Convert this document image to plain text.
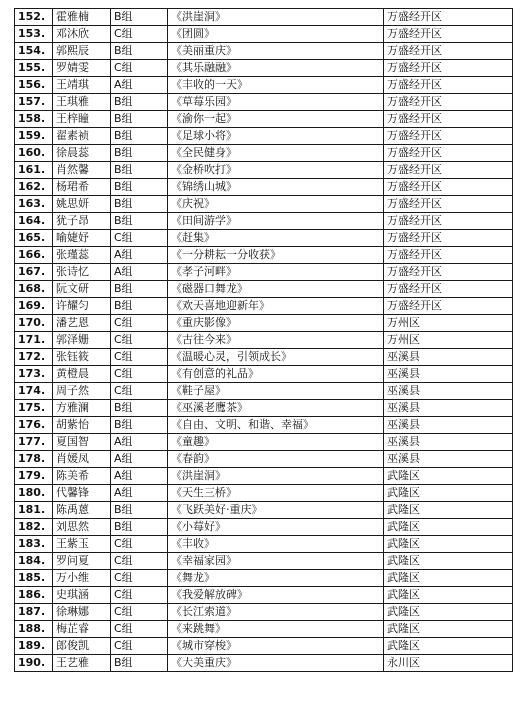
152.	霍雅楠	B组	《洪崖洞》	万盛经开区
153.	邓沐欣	C组	《团圆》	万盛经开区
154.	郭熙辰	B组	《美丽重庆》	万盛经开区
155.	罗婧雯	C组	《其乐融融》	万盛经开区
156.	王靖琪	A组	《丰收的一天》	万盛经开区
157.	王琪雅	B组	《草莓乐园》	万盛经开区
158.	王梓瞳	B组	《渝你一起》	万盛经开区
159.	翟素祯	B组	《足球小将》	万盛经开区
160.	徐晨蕊	B组	《全民健身》	万盛经开区
161.	肖然馨	B组	《金桥吹打》	万盛经开区
162.	杨珺希	B组	《锦绣山城》	万盛经开区
163.	姚思妍	B组	《庆祝》	万盛经开区
164.	犹子昂	B组	《田间游学》	万盛经开区
165.	喻婕妤	C组	《赶集》	万盛经开区
166.	张瑾蕊	A组	《一分耕耘一分收获》	万盛经开区
167.	张诗忆	A组	《孝子河畔》	万盛经开区
168.	阮文研	B组	《磁器口舞龙》	万盛经开区
169.	许耀匀	B组	《欢天喜地迎新年》	万盛经开区
170.	潘艺恩	C组	《重庆影像》	万州区
171.	郭泽姗	C组	《古往今来》	万州区
172.	张钰筱	C组	《温暖心灵，引领成长》	巫溪县
173.	黄橙晨	C组	《有创意的礼品》	巫溪县
174.	周子然	C组	《鞋子屋》	巫溪县
175.	方雅澜	B组	《巫溪老鹰茶》	巫溪县
176.	胡紫怡	B组	《自由、文明、和谐、幸福》	巫溪县
177.	夏国智	A组	《童趣》	巫溪县
178.	肖媛凤	A组	《春韵》	巫溪县
179.	陈美希	A组	《洪崖洞》	武隆区
180.	代馨锋	A组	《天生三桥》	武隆区
181.	陈禹蒽	B组	《飞跃美好·重庆》	武隆区
182.	刘思然	B组	《小莓好》	武隆区
183.	王紫玉	C组	《丰收》	武隆区
184.	罗问夏	C组	《幸福家园》	武隆区
185.	万小维	C组	《舞龙》	武隆区
186.	史琪涵	C组	《我爱解放碑》	武隆区
187.	徐琳娜	C组	《长江索道》	武隆区
188.	梅芷睿	C组	《来跳舞》	武隆区
189.	郎俊凯	C组	《城市穿梭》	武隆区
190.	王艺雅	B组	《大美重庆》	永川区
